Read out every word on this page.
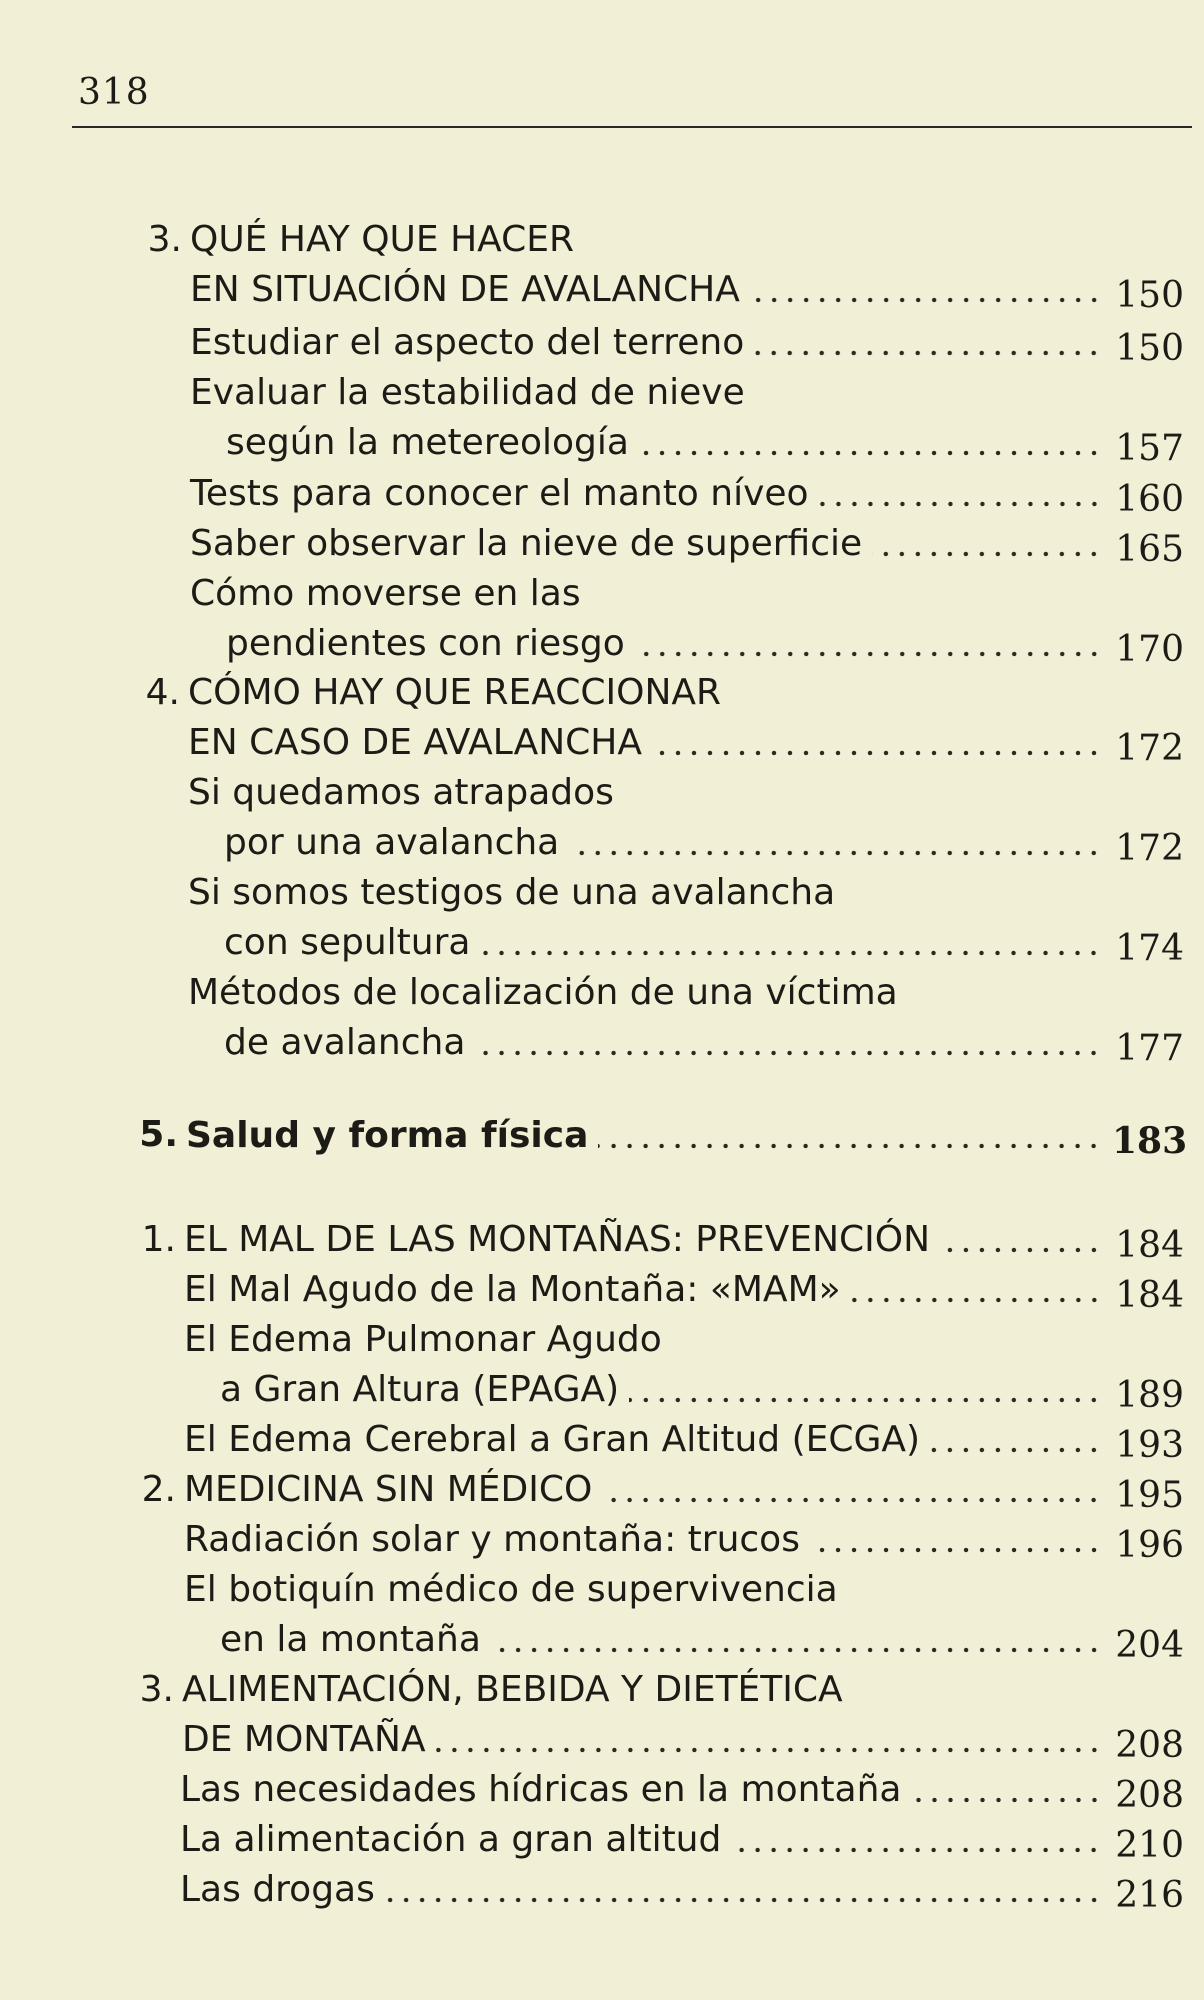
318
3. QUÉ HAY QUE HACER
EN SITUACIÓN DE AVALANCHA	150
Estudiar el aspecto del terreno	150
Evaluar la estabilidad de nieve
según la metereología	157
Tests para conocer el manto níveo	160
Saber observar la nieve de superficie	165
Cómo moverse en las
pendientes con riesgo	170
4. CÓMO HAY QUE REACCIONAR
EN CASO DE AVALANCHA	172
Si quedamos atrapados
por una avalancha	172
Si somos testigos de una avalancha
con sepultura	174
Métodos de localización de una víctima
de avalancha	177
5. Salud y forma física	183
1. EL MAL DE LAS MONTAÑAS: PREVENCIÓN	184
El Mal Agudo de la Montaña: «MAM»	184
El Edema Pulmonar Agudo
a Gran Altura (EPAGA)	189
El Edema Cerebral a Gran Altitud (ECGA)	193
2. MEDICINA SIN MÉDICO	195
Radiación solar y montaña: trucos	196
El botiquín médico de supervivencia
en la montaña	204
3. ALIMENTACIÓN, BEBIDA Y DIETÉTICA
DE MONTAÑA	208
Las necesidades hídricas en la montaña	208
La alimentación a gran altitud	210
Las drogas	216
